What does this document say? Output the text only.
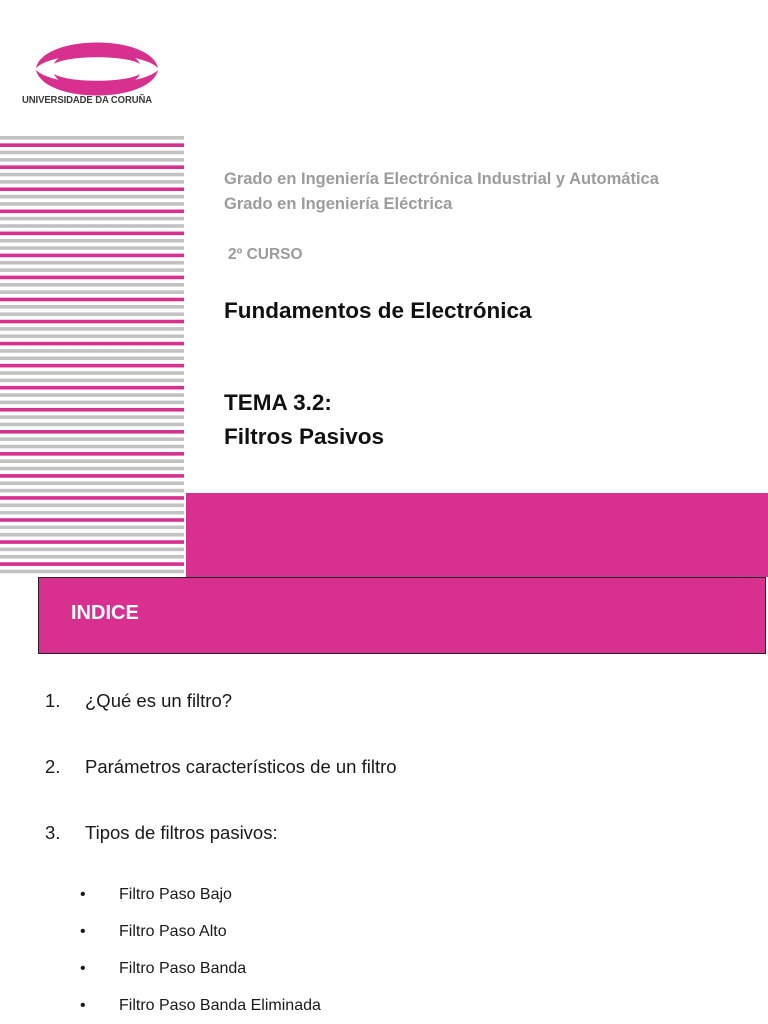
UNIVERSIDADE DA CORUÑA
Grado en Ingeniería Electrónica Industrial y Automática
Grado en Ingeniería Eléctrica
2º CURSO
Fundamentos de Electrónica
TEMA 3.2:
Filtros Pasivos
INDICE
1. ¿Qué es un filtro?
2. Parámetros característicos de un filtro
3. Tipos de filtros pasivos:
• Filtro Paso Bajo
• Filtro Paso Alto
• Filtro Paso Banda
• Filtro Paso Banda Eliminada
